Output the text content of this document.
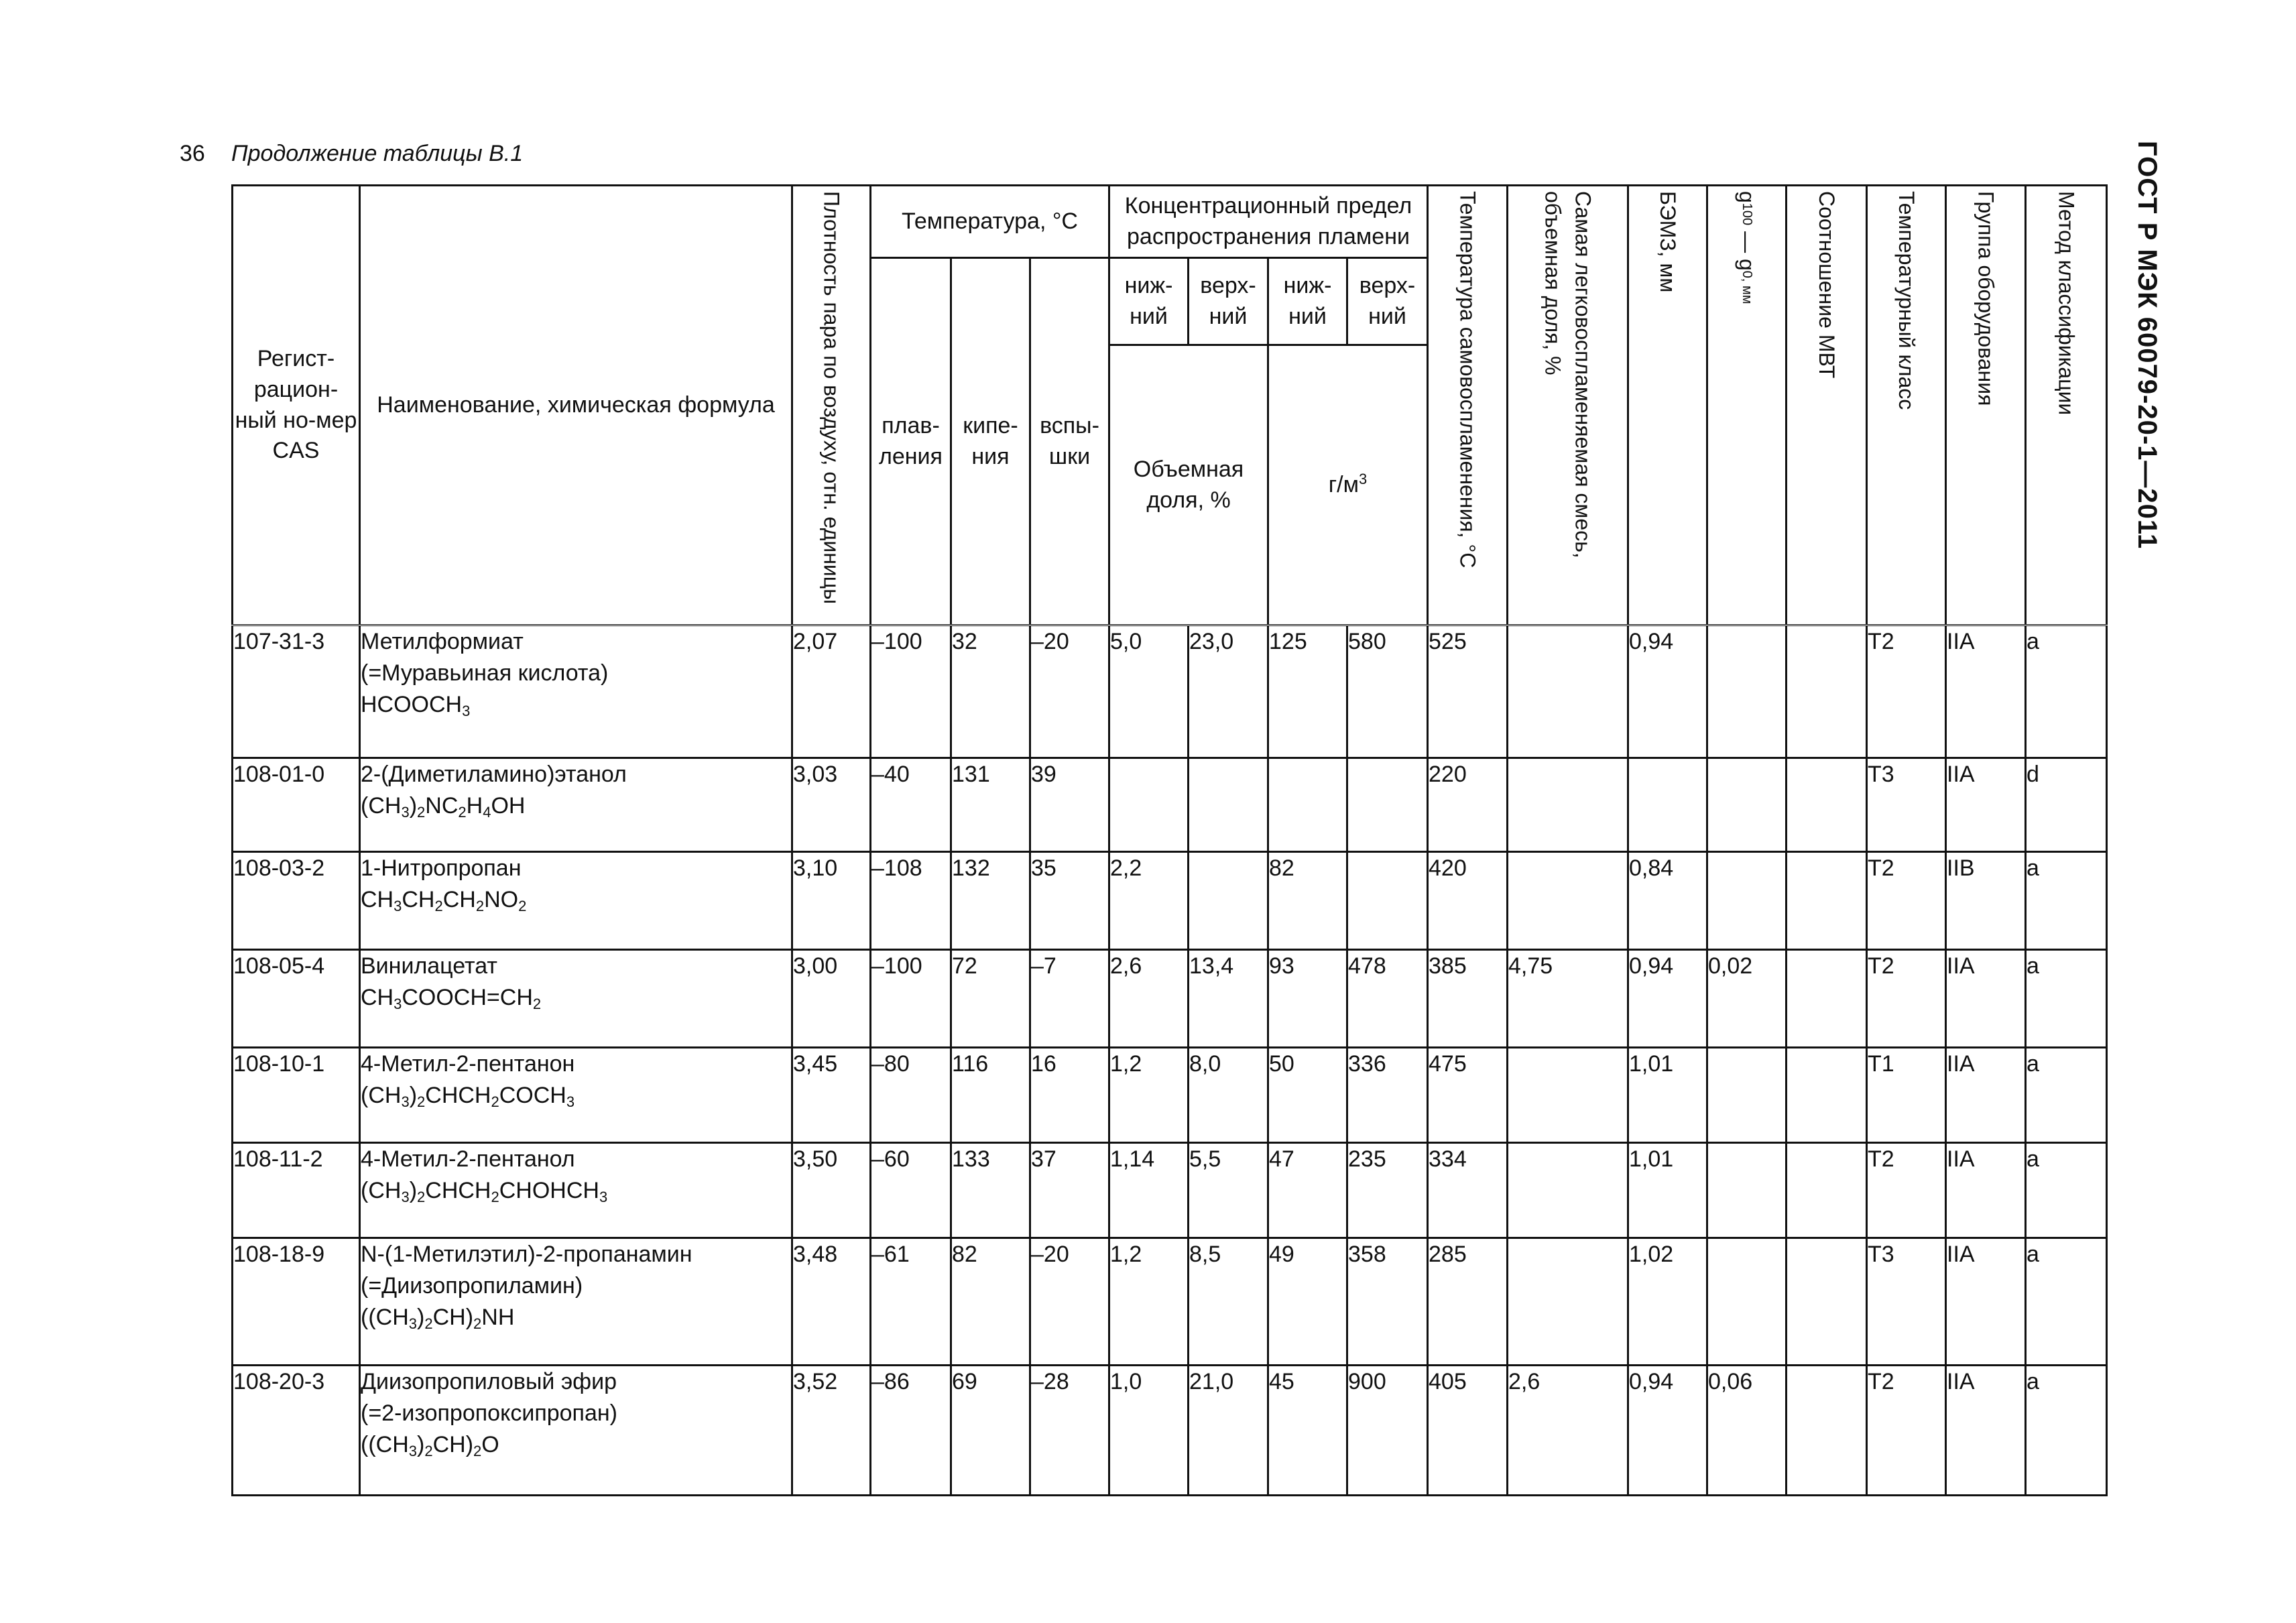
36 Продолжение таблицы В.1	ГОСТ Р МЭК 60079-20-1—2011
Регист-рацион-ный но-мер CAS	Наименование, химическая формула	Плотность пара по воздуху, отн. единицы	Температура, °С			Концентрационный предел распространения пламени				Температура самовоспламенения, °С	Самая легковоспламеняемая смесь, объемная доля, %	БЭМЗ, мм	g100 — g0, мм	Соотношение МВТ	Температурный класс	Группа оборудования	Метод классификации

			плав-ления	кипе-ния	вспы-шки	ниж-ний	верх-ний	ниж-ний	верх-ний								
						Объемная доля, %		$г/м^3$
107-31-3	Метилформиат
(=Муравьиная кислота)
$HCOOCH_3$	2,07	–100	32	–20	5,0	23,0	125	580	525		0,94			T2	IIA	a
108-01-0	2-(Диметиламино)этанол
$(CH_3)_2NC_2H_4OH$	3,03	–40	131	39					220					T3	IIA	d
108-03-2	1-Нитропропан
$CH_3CH_2CH_2NO_2$	3,10	–108	132	35	2,2		82		420		0,84			T2	IIB	a
108-05-4	Винилацетат
$CH_3COOCH=CH_2$	3,00	–100	72	–7	2,6	13,4	93	478	385	4,75	0,94	0,02		T2	IIA	a
108-10-1	4-Метил-2-пентанон
$(CH_3)_2CHCH_2COCH_3$	3,45	–80	116	16	1,2	8,0	50	336	475		1,01			T1	IIA	a
108-11-2	4-Метил-2-пентанол
$(CH_3)_2CHCH_2CHOHCH_3$	3,50	–60	133	37	1,14	5,5	47	235	334		1,01			T2	IIA	a
108-18-9	N-(1-Метилэтил)-2-пропанамин
(=Диизопропиламин)
$((CH_3)_2CH)_2NH$	3,48	–61	82	–20	1,2	8,5	49	358	285		1,02			T3	IIA	a
108-20-3	Диизопропиловый эфир
(=2-изопропоксипропан)
$((CH_3)_2CH)_2O$	3,52	–86	69	–28	1,0	21,0	45	900	405	2,6	0,94	0,06		T2	IIA	a
